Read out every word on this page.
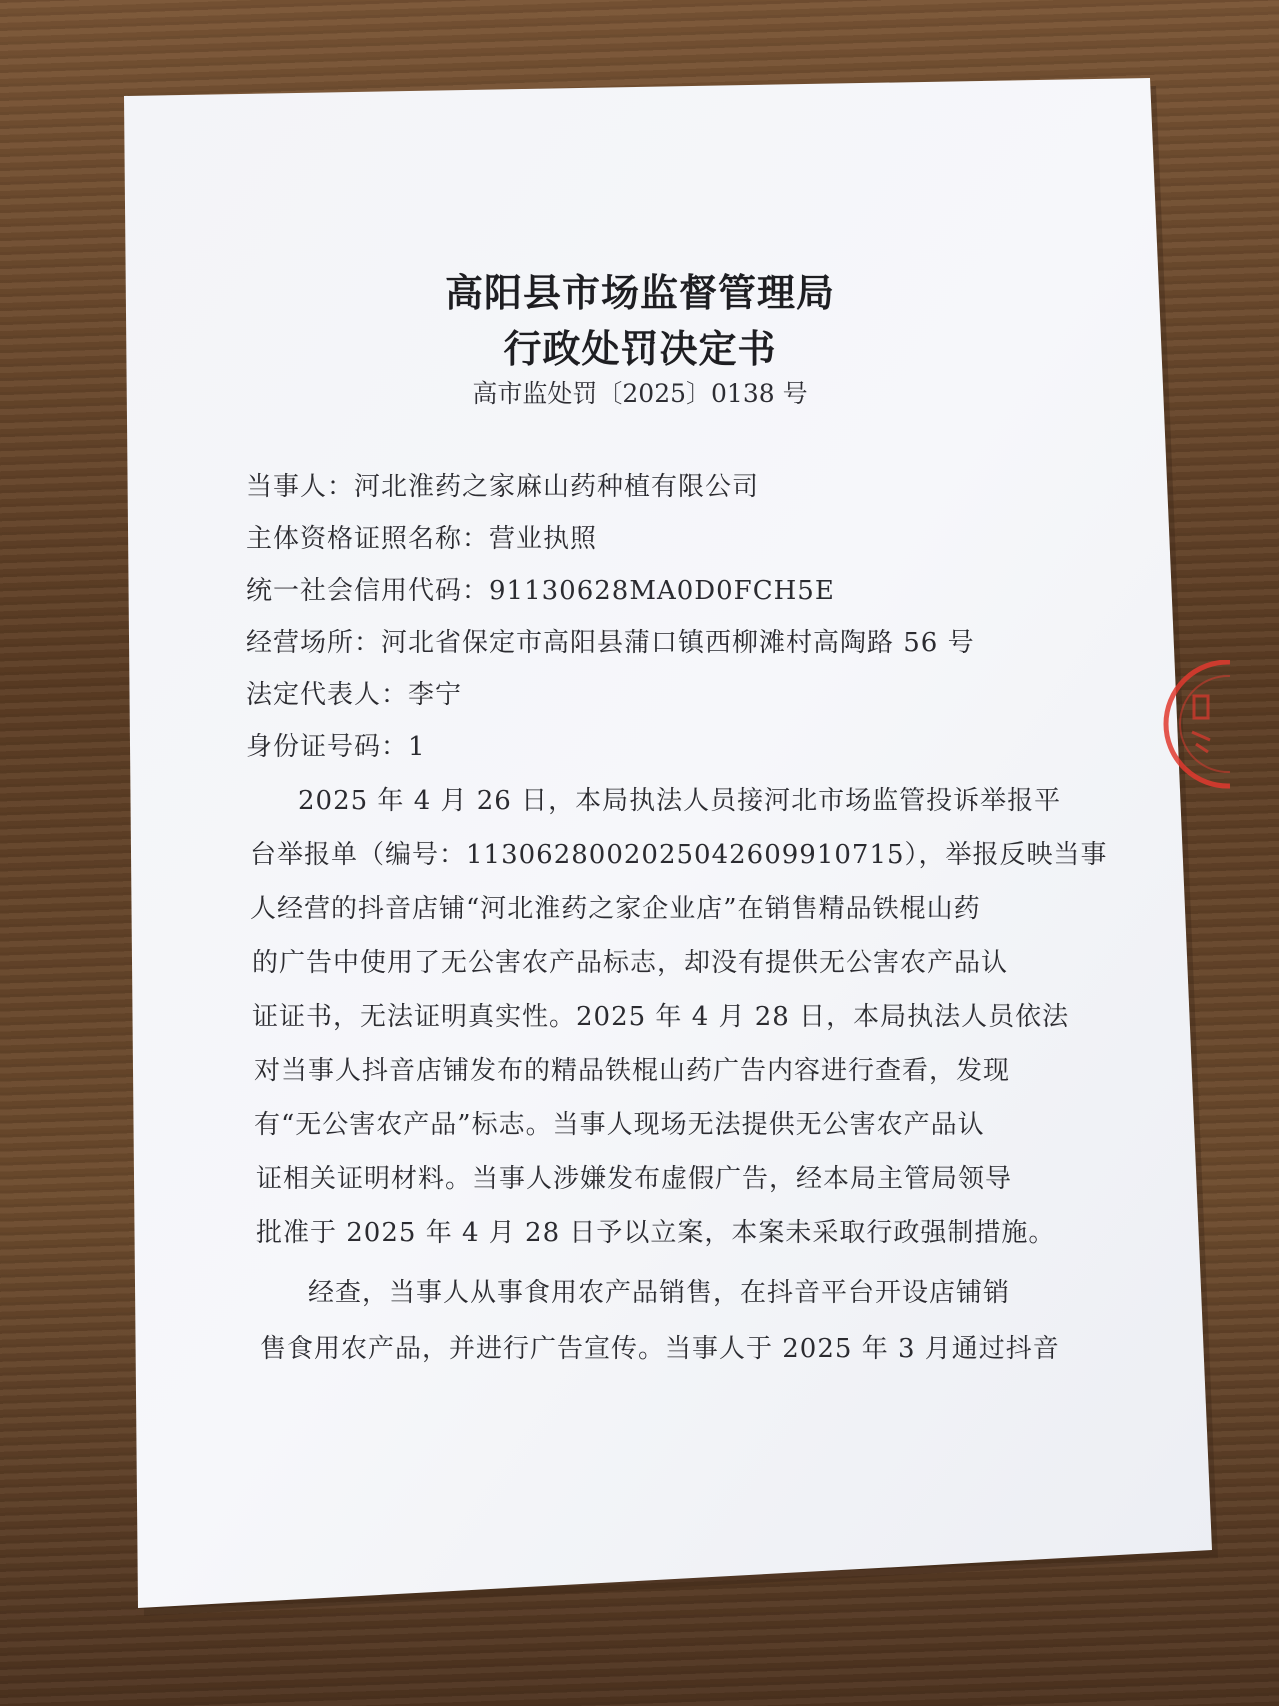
高阳县市场监督管理局
行政处罚决定书
高市监处罚〔2025〕0138 号
当事人：河北淮药之家麻山药种植有限公司
主体资格证照名称：营业执照
统一社会信用代码：91130628MA0D0FCH5E
经营场所：河北省保定市高阳县蒲口镇西柳滩村高陶路 56 号
法定代表人：李宁
身份证号码：1
2025 年 4 月 26 日，本局执法人员接河北市场监管投诉举报平
台举报单（编号：11306280020250426099107​15），举报反映当事
人经营的抖音店铺“河北淮药之家企业店”在销售精品铁棍山药
的广告中使用了无公害农产品标志，却没有提供无公害农产品认
证证书，无法证明真实性。2025 年 4 月 28 日，本局执法人员依法
对当事人抖音店铺发布的精品铁棍山药广告内容进行查看，发现
有“无公害农产品”标志。当事人现场无法提供无公害农产品认
证相关证明材料。当事人涉嫌发布虚假广告，经本局主管局领导
批准于 2025 年 4 月 28 日予以立案，本案未采取行政强制措施。
经查，当事人从事食用农产品销售，在抖音平台开设店铺销
售食用农产品，并进行广告宣传。当事人于 2025 年 3 月通过抖音
